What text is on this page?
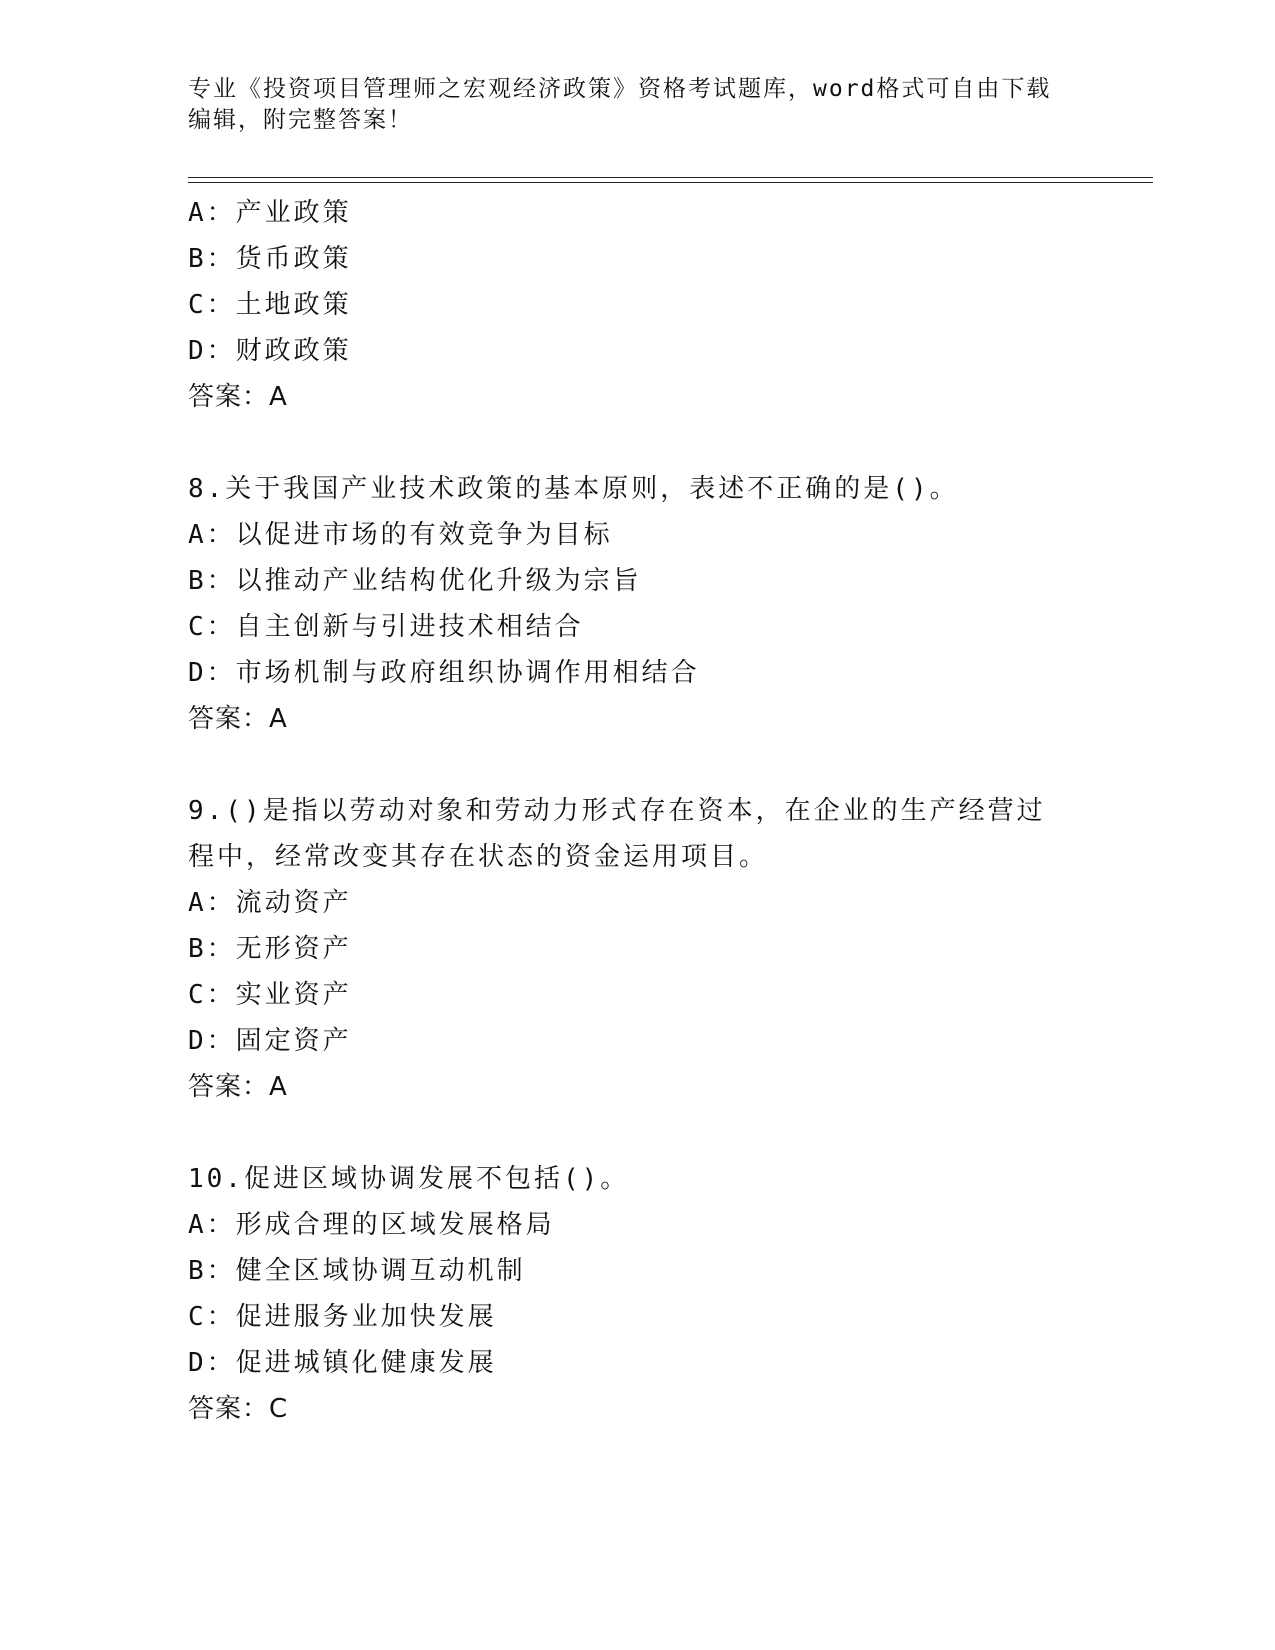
专业《投资项目管理师之宏观经济政策》资格考试题库，word格式可自由下载编辑，附完整答案！
A：产业政策
B：货币政策
C：土地政策
D：财政政策
答案：A
8.关于我国产业技术政策的基本原则，表述不正确的是()。
A：以促进市场的有效竞争为目标
B：以推动产业结构优化升级为宗旨
C：自主创新与引进技术相结合
D：市场机制与政府组织协调作用相结合
答案：A
9.()是指以劳动对象和劳动力形式存在资本，在企业的生产经营过程中，经常改变其存在状态的资金运用项目。
A：流动资产
B：无形资产
C：实业资产
D：固定资产
答案：A
10.促进区域协调发展不包括()。
A：形成合理的区域发展格局
B：健全区域协调互动机制
C：促进服务业加快发展
D：促进城镇化健康发展
答案：C
